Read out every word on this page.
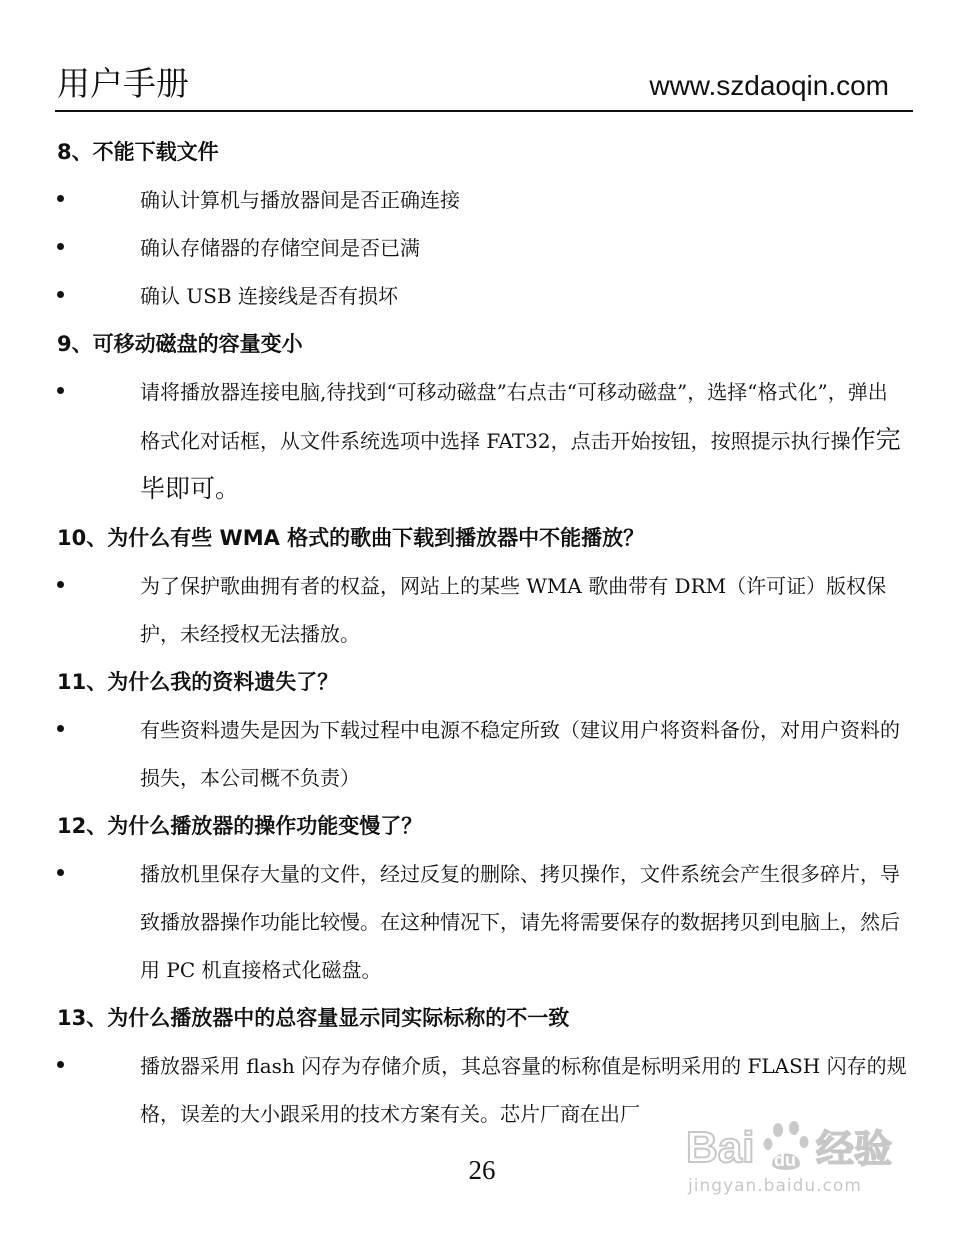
用户手册	www.szdaoqin.com

8、不能下载文件

确认计算机与播放器间是否正确连接

确认存储器的存储空间是否已满

确认 USB 连接线是否有损坏

9、可移动磁盘的容量变小

请将播放器连接电脑,待找到“可移动磁盘”右点击“可移动磁盘”，选择“格式化”，弹出格式化对话框，从文件系统选项中选择 FAT32，点击开始按钮，按照提示执行操作完毕即可。

10、为什么有些 WMA 格式的歌曲下载到播放器中不能播放？

为了保护歌曲拥有者的权益，网站上的某些 WMA 歌曲带有 DRM（许可证）版权保护，未经授权无法播放。

11、为什么我的资料遗失了？

有些资料遗失是因为下载过程中电源不稳定所致（建议用户将资料备份，对用户资料的损失，本公司概不负责）

12、为什么播放器的操作功能变慢了？

播放机里保存大量的文件，经过反复的删除、拷贝操作，文件系统会产生很多碎片，导致播放器操作功能比较慢。在这种情况下，请先将需要保存的数据拷贝到电脑上，然后用 PC 机直接格式化磁盘。

13、为什么播放器中的总容量显示同实际标称的不一致

播放器采用 flash 闪存为存储介质，其总容量的标称值是标明采用的 FLASH 闪存的规格，误差的大小跟采用的技术方案有关。芯片厂商在出厂

26	Bai du 经验
jingyan.baidu.com
